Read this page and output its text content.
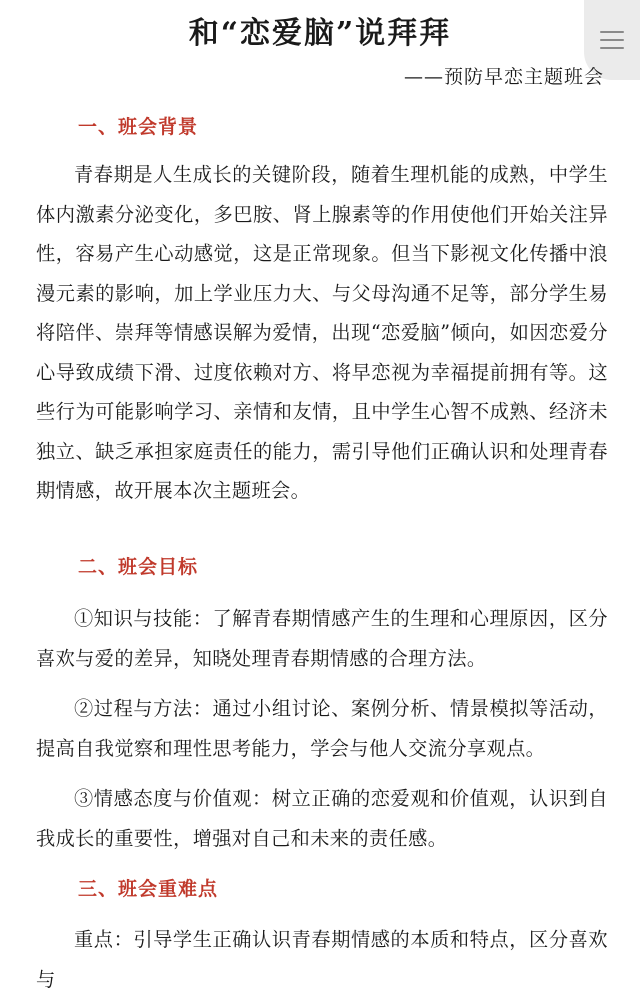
和“恋爱脑”说拜拜

——预防早恋主题班会

一、班会背景

青春期是人生成长的关键阶段，随着生理机能的成熟，中学生体内激素分泌变化，多巴胺、肾上腺素等的作用使他们开始关注异性，容易产生心动感觉，这是正常现象。但当下影视文化传播中浪漫元素的影响，加上学业压力大、与父母沟通不足等，部分学生易将陪伴、崇拜等情感误解为爱情，出现“恋爱脑”倾向，如因恋爱分心导致成绩下滑、过度依赖对方、将早恋视为幸福提前拥有等。这些行为可能影响学习、亲情和友情，且中学生心智不成熟、经济未独立、缺乏承担家庭责任的能力，需引导他们正确认识和处理青春期情感，故开展本次主题班会。

二、班会目标

①知识与技能：了解青春期情感产生的生理和心理原因，区分喜欢与爱的差异，知晓处理青春期情感的合理方法。

②过程与方法：通过小组讨论、案例分析、情景模拟等活动，提高自我觉察和理性思考能力，学会与他人交流分享观点。

③情感态度与价值观：树立正确的恋爱观和价值观，认识到自我成长的重要性，增强对自己和未来的责任感。

三、班会重难点

重点：引导学生正确认识青春期情感的本质和特点，区分喜欢与
